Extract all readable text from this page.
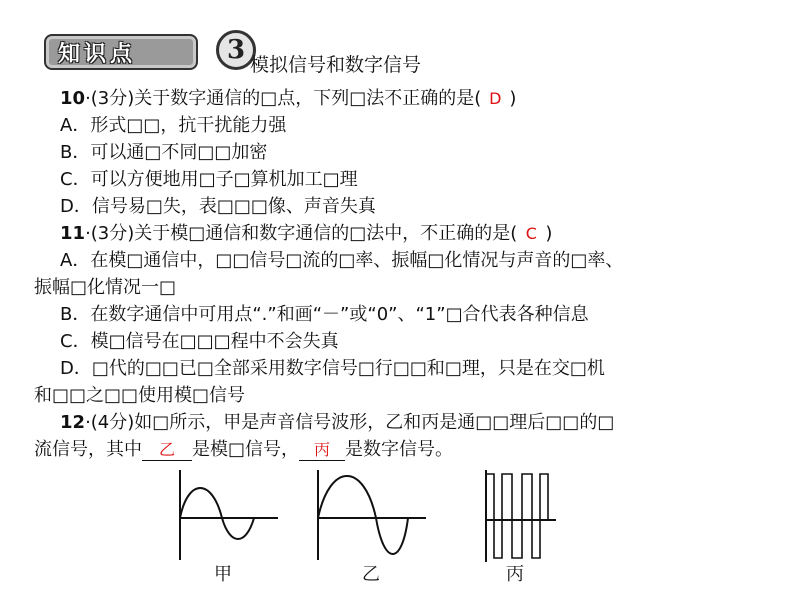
知识点	3 模拟信号和数字信号
10·(3分)关于数字通信的□点，下列□法不正确的是( D )
A．形式□□，抗干扰能力强
B．可以通□不同□□加密
C．可以方便地用□子□算机加工□理
D．信号易□失，表□□□像、声音失真
11·(3分)关于模□通信和数字通信的□法中，不正确的是( C )
A．在模□通信中，□□信号□流的□率、振幅□化情况与声音的□率、
振幅□化情况一□
B．在数字通信中可用点“.”和画“－”或“0”、“1”□合代表各种信息
C．模□信号在□□□程中不会失真
D．□代的□□已□全部采用数字信号□行□□和□理，只是在交□机
和□□之□□使用模□信号
12·(4分)如□所示，甲是声音信号波形，乙和丙是通□□理后□□的□
流信号，其中 乙 是模□信号， 丙 是数字信号。
甲	乙	丙
